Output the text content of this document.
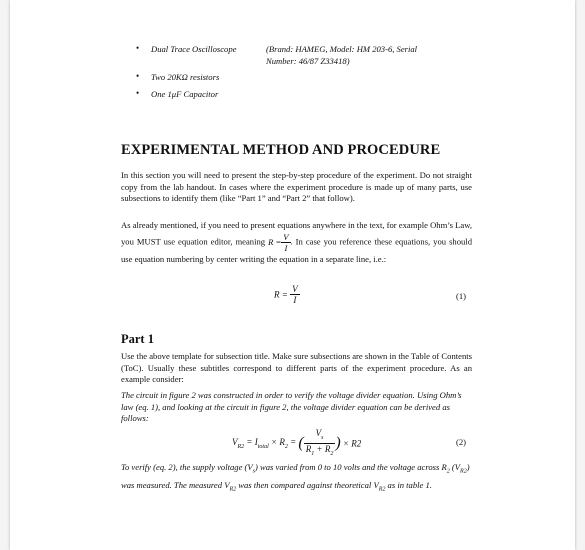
• Dual Trace Oscilloscope	(Brand: HAMEG, Model: HM 203-6, Serial
Number: 46/87 Z33418)
• Two 20KΩ resistors
• One 1μF Capacitor
EXPERIMENTAL METHOD AND PROCEDURE
In this section you will need to present the step-by-step procedure of the experiment. Do not straight copy from the lab handout. In cases where the experiment procedure is made up of many parts, use subsections to identify them (like “Part 1” and “Part 2” that follow).
As already mentioned, if you need to present equations anywhere in the text, for example Ohm’s Law, you MUST use equation editor, meaning $R = \frac{V}{I}$ . In case you reference these equations, you should use equation numbering by center writing the equation in a separate line, i.e.:
$R = \frac{V}{I}$	(1)
Part 1
Use the above template for subsection title. Make sure subsections are shown in the Table of Contents (ToC). Usually these subtitles correspond to different parts of the experiment procedure. As an example consider:
The circuit in figure 2 was constructed in order to verify the voltage divider equation. Using Ohm’s law (eq. 1), and looking at the circuit in figure 2, the voltage divider equation can be derived as follows:
$V_{R2} = I_{total} \times R_2$ = ( $\frac{V_s}{R_1 + R_2}$ ) × R2	(2)
To verify (eq. 2), the supply voltage $(V_s)$ was varied from 0 to 10 volts and the voltage across $R_2$ $(V_{R2})$ was measured. The measured $V_{R2}$ was then compared against theoretical $V_{R2}$ as in table 1.
